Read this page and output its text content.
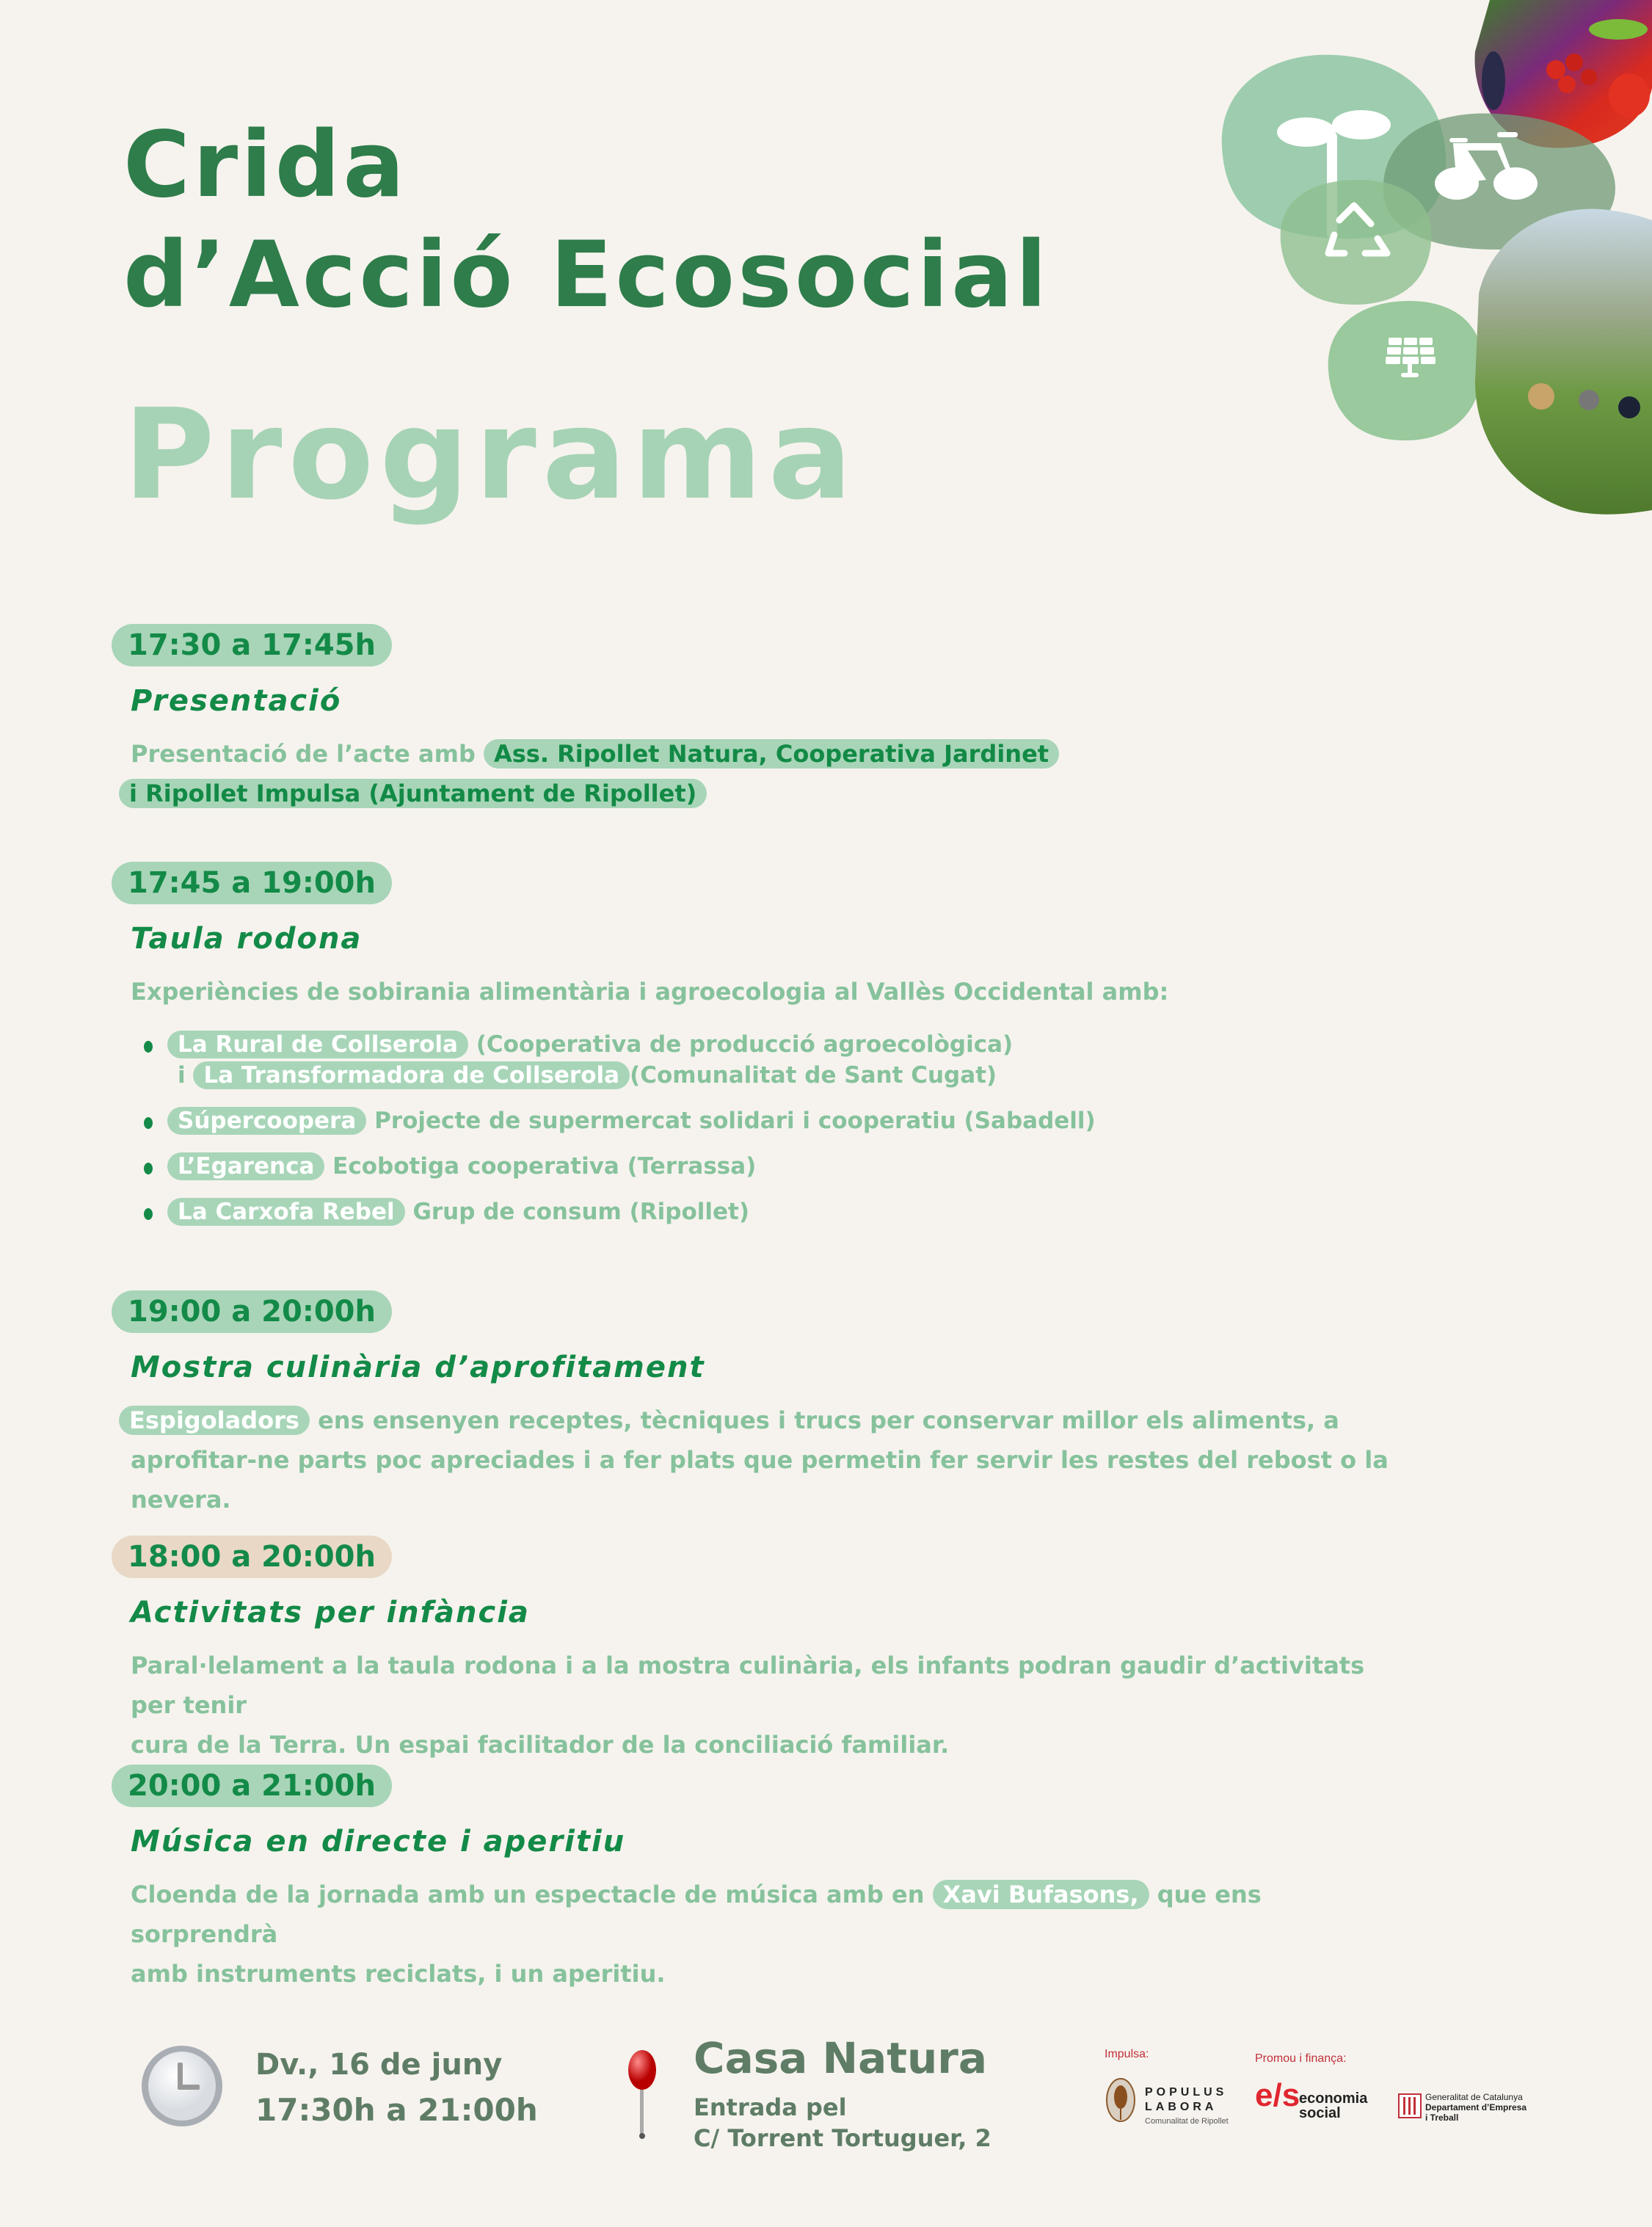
Crida
d’Acció Ecosocial
Programa
17:30 a 17:45h
Presentació
Presentació de l’acte amb Ass. Ripollet Natura, Cooperativa Jardinet
i Ripollet Impulsa (Ajuntament de Ripollet)
17:45 a 19:00h
Taula rodona
Experiències de sobirania alimentària i agroecologia al Vallès Occidental amb:
La Rural de Collserola (Cooperativa de producció agroecològica)
i La Transformadora de Collserola (Comunalitat de Sant Cugat)
Súpercoopera Projecte de supermercat solidari i cooperatiu (Sabadell)
L’Egarenca Ecobotiga cooperativa (Terrassa)
La Carxofa Rebel Grup de consum (Ripollet)
19:00 a 20:00h
Mostra culinària d’aprofitament
Espigoladors ens ensenyen receptes, tècniques i trucs per conservar millor els aliments, a
aprofitar-ne parts poc apreciades i a fer plats que permetin fer servir les restes del rebost o la nevera.
18:00 a 20:00h
Activitats per infància
Paral·lelament a la taula rodona i a la mostra culinària, els infants podran gaudir d’activitats per tenir
cura de la Terra. Un espai facilitador de la conciliació familiar.
20:00 a 21:00h
Música en directe i aperitiu
Cloenda de la jornada amb un espectacle de música amb en Xavi Bufasons, que ens sorprendrà
amb instruments reciclats, i un aperitiu.
Dv., 16 de juny
17:30h a 21:00h
Casa Natura
Entrada pel
C/ Torrent Tortuguer, 2
Impulsa:	Promou i finança:
POPULUS
LABORA
Comunalitat de Ripollet
e/s
economia
social
Generalitat de Catalunya
Departament d’Empresa
i Treball
